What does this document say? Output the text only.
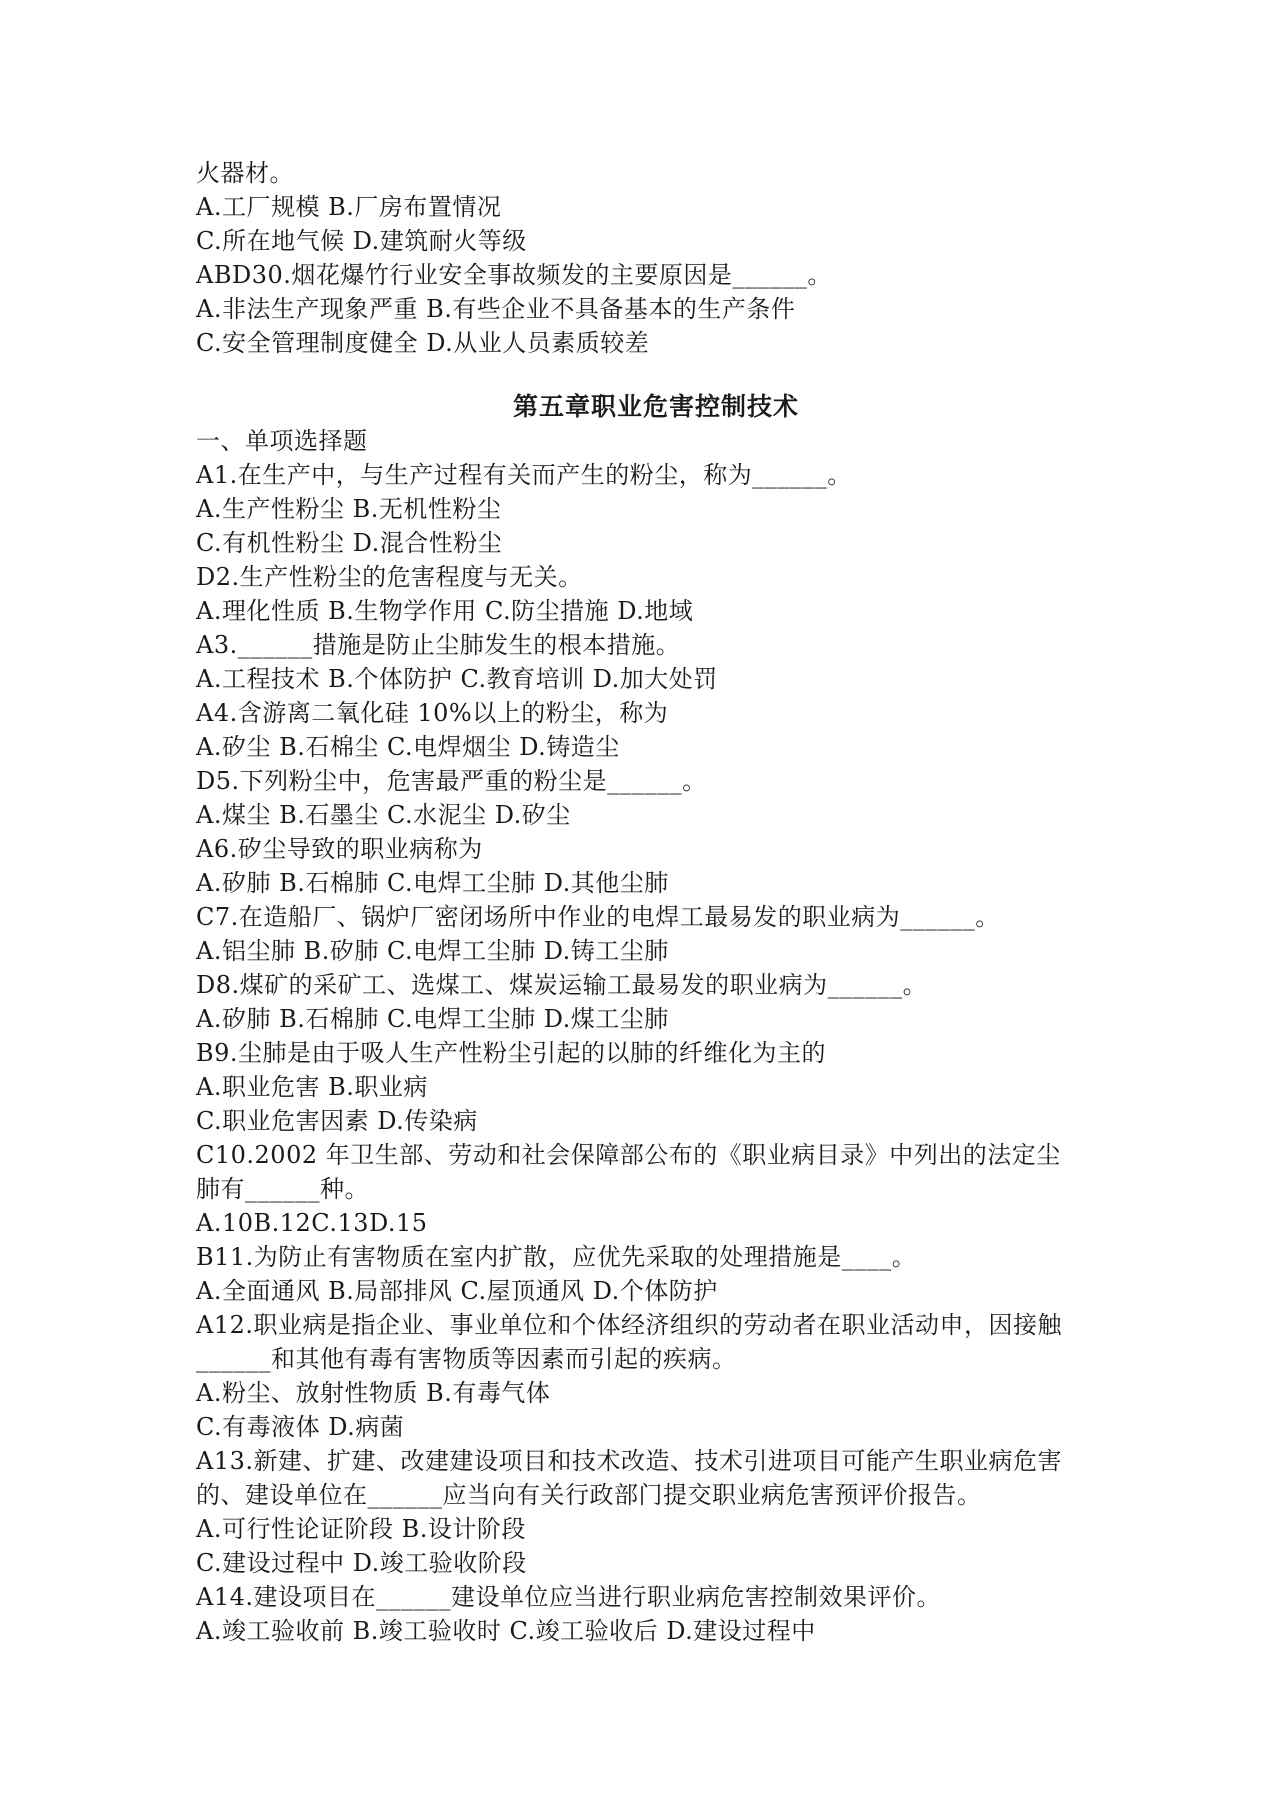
火器材。
A.工厂规模 B.厂房布置情况
C.所在地气候 D.建筑耐火等级
ABD30.烟花爆竹行业安全事故频发的主要原因是______。
A.非法生产现象严重 B.有些企业不具备基本的生产条件
C.安全管理制度健全 D.从业人员素质较差
第五章职业危害控制技术
一、单项选择题
A1.在生产中，与生产过程有关而产生的粉尘，称为______。
A.生产性粉尘 B.无机性粉尘
C.有机性粉尘 D.混合性粉尘
D2.生产性粉尘的危害程度与无关。
A.理化性质 B.生物学作用 C.防尘措施 D.地域
A3.______措施是防止尘肺发生的根本措施。
A.工程技术 B.个体防护 C.教育培训 D.加大处罚
A4.含游离二氧化硅 10%以上的粉尘，称为
A.矽尘 B.石棉尘 C.电焊烟尘 D.铸造尘
D5.下列粉尘中，危害最严重的粉尘是______。
A.煤尘 B.石墨尘 C.水泥尘 D.矽尘
A6.矽尘导致的职业病称为
A.矽肺 B.石棉肺 C.电焊工尘肺 D.其他尘肺
C7.在造船厂、锅炉厂密闭场所中作业的电焊工最易发的职业病为______。
A.铝尘肺 B.矽肺 C.电焊工尘肺 D.铸工尘肺
D8.煤矿的采矿工、选煤工、煤炭运输工最易发的职业病为______。
A.矽肺 B.石棉肺 C.电焊工尘肺 D.煤工尘肺
B9.尘肺是由于吸人生产性粉尘引起的以肺的纤维化为主的
A.职业危害 B.职业病
C.职业危害因素 D.传染病
C10.2002 年卫生部、劳动和社会保障部公布的《职业病目录》中列出的法定尘
肺有______种。
A.10B.12C.13D.15
B11.为防止有害物质在室内扩散，应优先采取的处理措施是____。
A.全面通风 B.局部排风 C.屋顶通风 D.个体防护
A12.职业病是指企业、事业单位和个体经济组织的劳动者在职业活动申，因接触
______和其他有毒有害物质等因素而引起的疾病。
A.粉尘、放射性物质 B.有毒气体
C.有毒液体 D.病菌
A13.新建、扩建、改建建设项目和技术改造、技术引进项目可能产生职业病危害
的、建设单位在______应当向有关行政部门提交职业病危害预评价报告。
A.可行性论证阶段 B.设计阶段
C.建设过程中 D.竣工验收阶段
A14.建设项目在______建设单位应当进行职业病危害控制效果评价。
A.竣工验收前 B.竣工验收时 C.竣工验收后 D.建设过程中
